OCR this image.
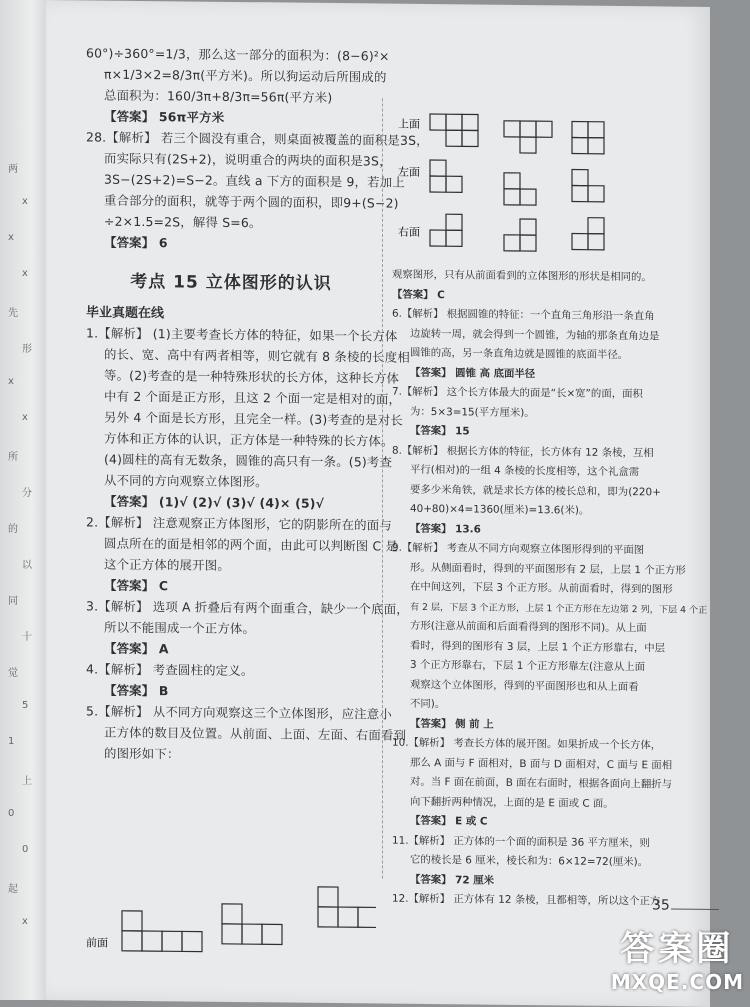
两
x
x
x
先
形
x
x
所
分
的
以
同
十
觉
5
1
上
0
0
起
x
60°)÷360°=1/3，那么这一部分的面积为：(8−6)²×
π×1/3×2=8/3π(平方米)。所以狗运动后所围成的
总面积为：160/3π+8/3π=56π(平方米)
【答案】 56π平方米
28.【解析】 若三个圆没有重合，则桌面被覆盖的面积是3S，
而实际只有(2S+2)，说明重合的两块的面积是3S，
3S−(2S+2)=S−2。直线 a 下方的面积是 9，若加上
重合部分的面积，就等于两个圆的面积，即9+(S−2)
÷2×1.5=2S，解得 S=6。
【答案】 6
考点 15 立体图形的认识
毕业真题在线
1.【解析】 (1)主要考查长方体的特征，如果一个长方体
的长、宽、高中有两者相等，则它就有 8 条棱的长度相
等。(2)考查的是一种特殊形状的长方体，这种长方体
中有 2 个面是正方形，且这 2 个面一定是相对的面，
另外 4 个面是长方形，且完全一样。(3)考查的是对长
方体和正方体的认识，正方体是一种特殊的长方体。
(4)圆柱的高有无数条，圆锥的高只有一条。(5)考查
从不同的方向观察立体图形。
【答案】 (1)√ (2)√ (3)√ (4)× (5)√
2.【解析】 注意观察正方体图形，它的阴影所在的面与
圆点所在的面是相邻的两个面，由此可以判断图 C 是
这个正方体的展开图。
【答案】 C
3.【解析】 选项 A 折叠后有两个面重合，缺少一个底面，
所以不能围成一个正方体。
【答案】 A
4.【解析】 考查圆柱的定义。
【答案】 B
5.【解析】 从不同方向观察这三个立体图形，应注意小
正方体的数目及位置。从前面、上面、左面、右面看到
的图形如下：
前面
上面
左面
右面
观察图形，只有从前面看到的立体图形的形状是相同的。
【答案】 C
6.【解析】 根据圆锥的特征：一个直角三角形沿一条直角
边旋转一周，就会得到一个圆锥，为轴的那条直角边是
圆锥的高，另一条直角边就是圆锥的底面半径。
【答案】 圆锥 高 底面半径
7.【解析】 这个长方体最大的面是“长×宽”的面，面积
为：5×3=15(平方厘米)。
【答案】 15
8.【解析】 根据长方体的特征，长方体有 12 条棱，互相
平行(相对)的一组 4 条棱的长度相等，这个礼盒需
要多少米角铁，就是求长方体的棱长总和，即为(220+
40+80)×4=1360(厘米)=13.6(米)。
【答案】 13.6
9.【解析】 考查从不同方向观察立体图形得到的平面图
形。从侧面看时，得到的平面图形有 2 层，上层 1 个正方形
在中间这列，下层 3 个正方形。从前面看时，得到的图形
有 2 层，下层 3 个正方形，上层 1 个正方形在左边第 2 列，下层 4 个正
方形(注意从前面和后面看得到的图形不同)。从上面
看时，得到的图形有 3 层，上层 1 个正方形靠右，中层
3 个正方形靠右，下层 1 个正方形靠左(注意从上面
观察这个立体图形，得到的平面图形也和从上面看
不同)。
【答案】 侧 前 上
10.【解析】 考查长方体的展开图。如果折成一个长方体，
那么 A 面与 F 面相对，B 面与 D 面相对，C 面与 E 面相
对。当 F 面在前面，B 面在右面时，根据各面向上翻折与
向下翻折两种情况，上面的是 E 面或 C 面。
【答案】 E 或 C
11.【解析】 正方体的一个面的面积是 36 平方厘米，则
它的棱长是 6 厘米，棱长和为：6×12=72(厘米)。
【答案】 72 厘米
12.【解析】 正方体有 12 条棱，且都相等，所以这个正方
35
答案圈
MXQE.COM
